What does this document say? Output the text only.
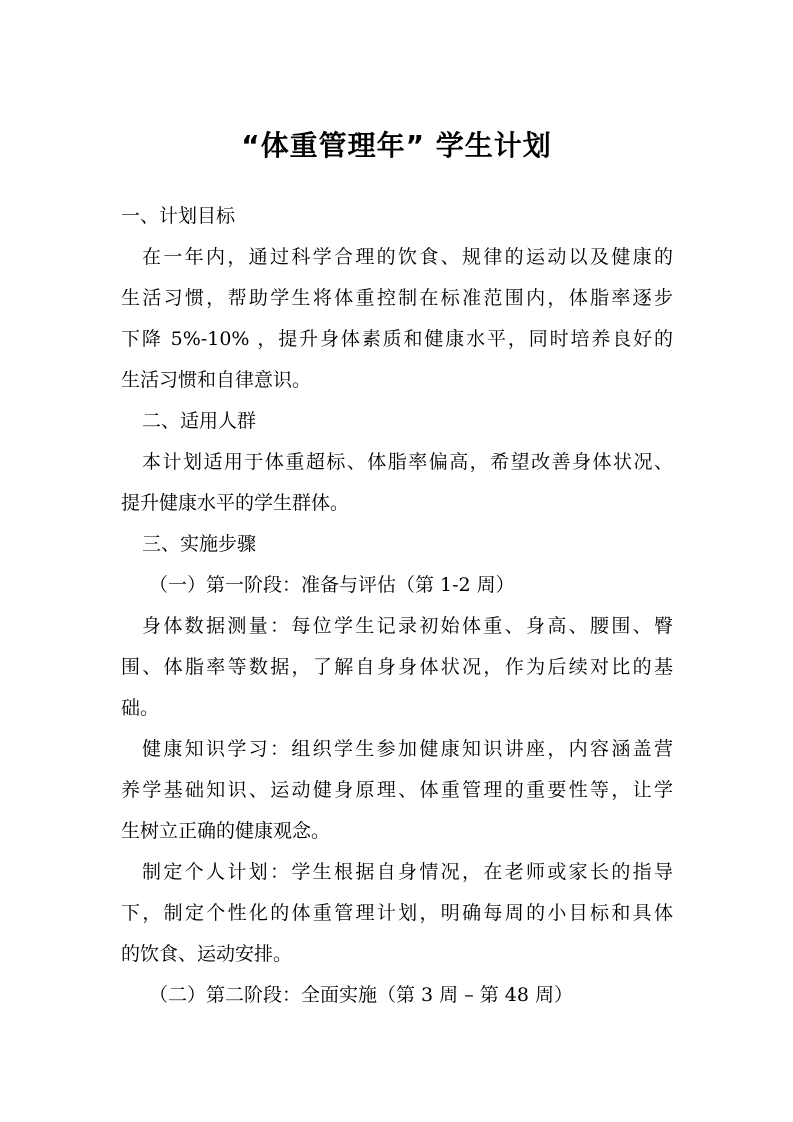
“体重管理年” 学生计划
一、计划目标
在一年内，通过科学合理的饮食、规律的运动以及健康的
生活习惯，帮助学生将体重控制在标准范围内，体脂率逐步
下降 5%-10% ，提升身体素质和健康水平，同时培养良好的
生活习惯和自律意识。
二、适用人群
本计划适用于体重超标、体脂率偏高，希望改善身体状况、
提升健康水平的学生群体。
三、实施步骤
（一）第一阶段：准备与评估（第 1-2 周）
身体数据测量：每位学生记录初始体重、身高、腰围、臀
围、体脂率等数据，了解自身身体状况，作为后续对比的基
础。
健康知识学习：组织学生参加健康知识讲座，内容涵盖营
养学基础知识、运动健身原理、体重管理的重要性等，让学
生树立正确的健康观念。
制定个人计划：学生根据自身情况，在老师或家长的指导
下，制定个性化的体重管理计划，明确每周的小目标和具体
的饮食、运动安排。
（二）第二阶段：全面实施（第 3 周 – 第 48 周）
